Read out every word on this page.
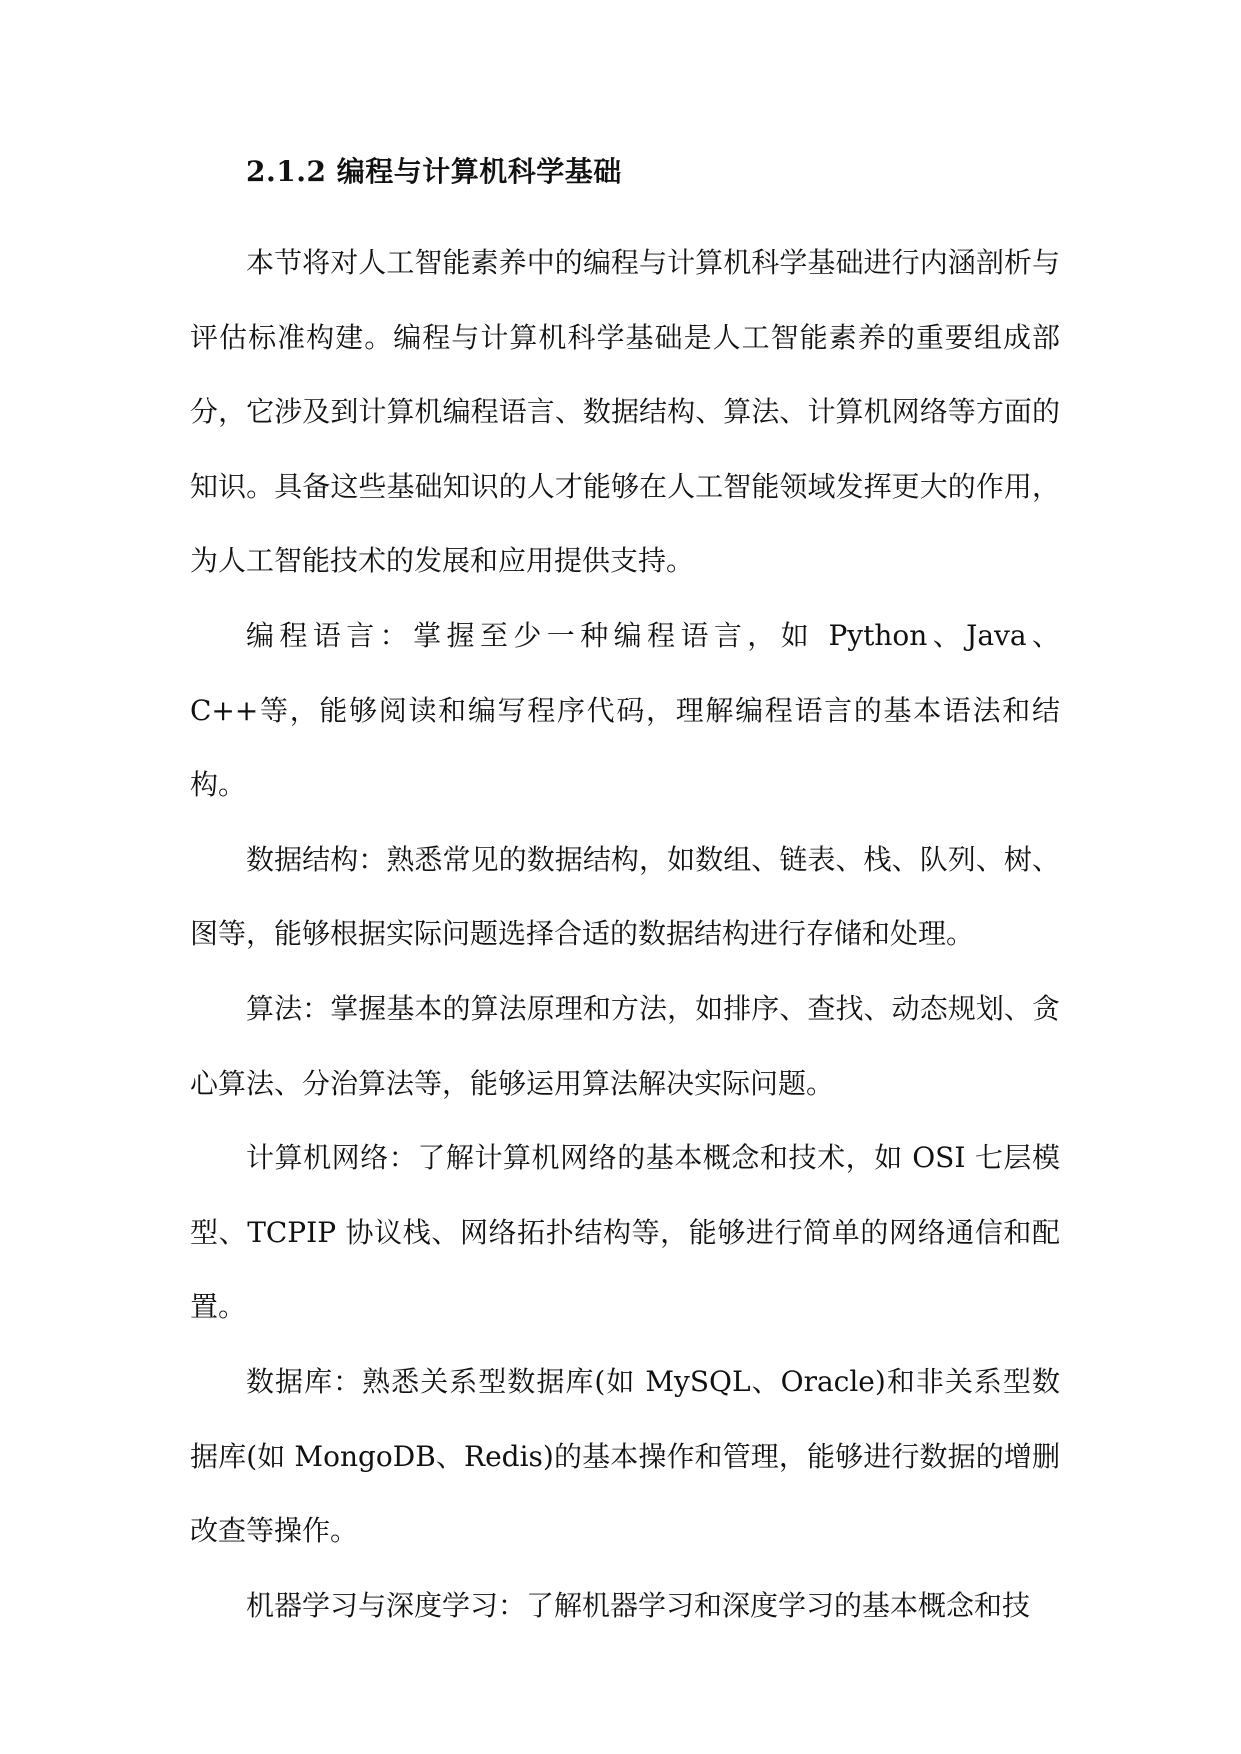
2.1.2 编程与计算机科学基础

本节将对人工智能素养中的编程与计算机科学基础进行内涵剖析与评估标准构建。编程与计算机科学基础是人工智能素养的重要组成部分，它涉及到计算机编程语言、数据结构、算法、计算机网络等方面的知识。具备这些基础知识的人才能够在人工智能领域发挥更大的作用，为人工智能技术的发展和应用提供支持。

编程语言：掌握至少一种编程语言，如 Python、Java、C++等，能够阅读和编写程序代码，理解编程语言的基本语法和结构。

数据结构：熟悉常见的数据结构，如数组、链表、栈、队列、树、图等，能够根据实际问题选择合适的数据结构进行存储和处理。

算法：掌握基本的算法原理和方法，如排序、查找、动态规划、贪心算法、分治算法等，能够运用算法解决实际问题。

计算机网络：了解计算机网络的基本概念和技术，如 OSI 七层模型、TCPIP 协议栈、网络拓扑结构等，能够进行简单的网络通信和配置。

数据库：熟悉关系型数据库(如 MySQL、Oracle)和非关系型数据库(如 MongoDB、Redis)的基本操作和管理，能够进行数据的增删改查等操作。

机器学习与深度学习：了解机器学习和深度学习的基本概念和技
